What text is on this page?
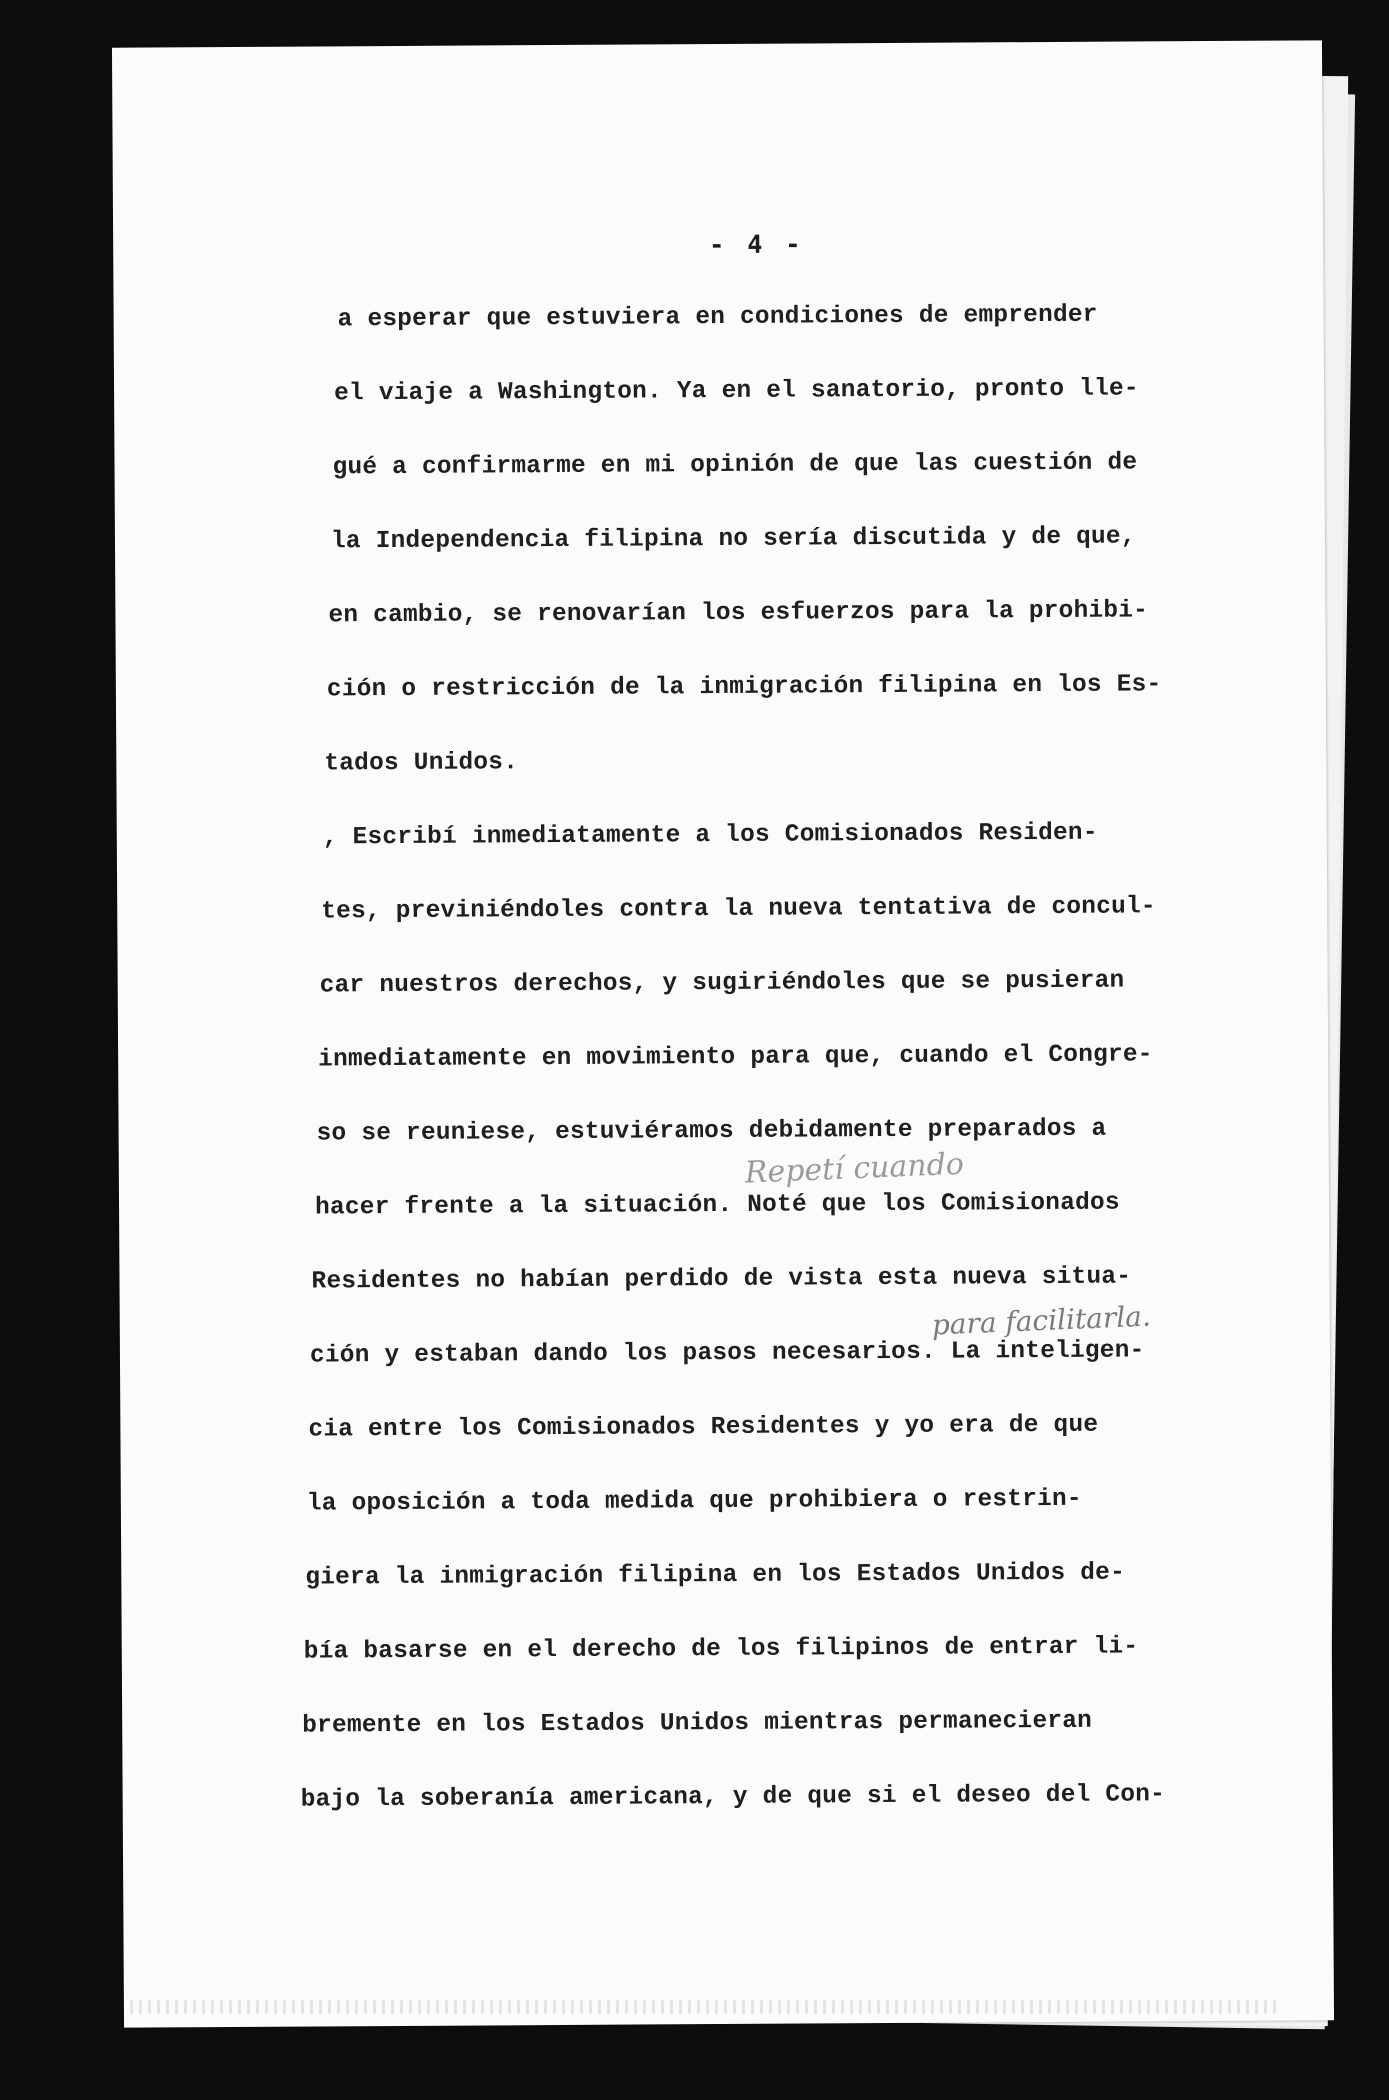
- 4 -
a esperar que estuviera en condiciones de emprender
el viaje a Washington. Ya en el sanatorio, pronto lle-
gué a confirmarme en mi opinión de que las cuestión de
la Independencia filipina no sería discutida y de que,
en cambio, se renovarían los esfuerzos para la prohibi-
ción o restricción de la inmigración filipina en los Es-
tados Unidos.
, Escribí inmediatamente a los Comisionados Residen-
tes, previniéndoles contra la nueva tentativa de concul-
car nuestros derechos, y sugiriéndoles que se pusieran
inmediatamente en movimiento para que, cuando el Congre-
so se reuniese, estuviéramos debidamente preparados a
Repetí cuando
hacer frente a la situación. Noté que los Comisionados
Residentes no habían perdido de vista esta nueva situa-
para facilitarla.
ción y estaban dando los pasos necesarios. La inteligen-
cia entre los Comisionados Residentes y yo era de que
la oposición a toda medida que prohibiera o restrin-
giera la inmigración filipina en los Estados Unidos de-
bía basarse en el derecho de los filipinos de entrar li-
bremente en los Estados Unidos mientras permanecieran
bajo la soberanía americana, y de que si el deseo del Con-
